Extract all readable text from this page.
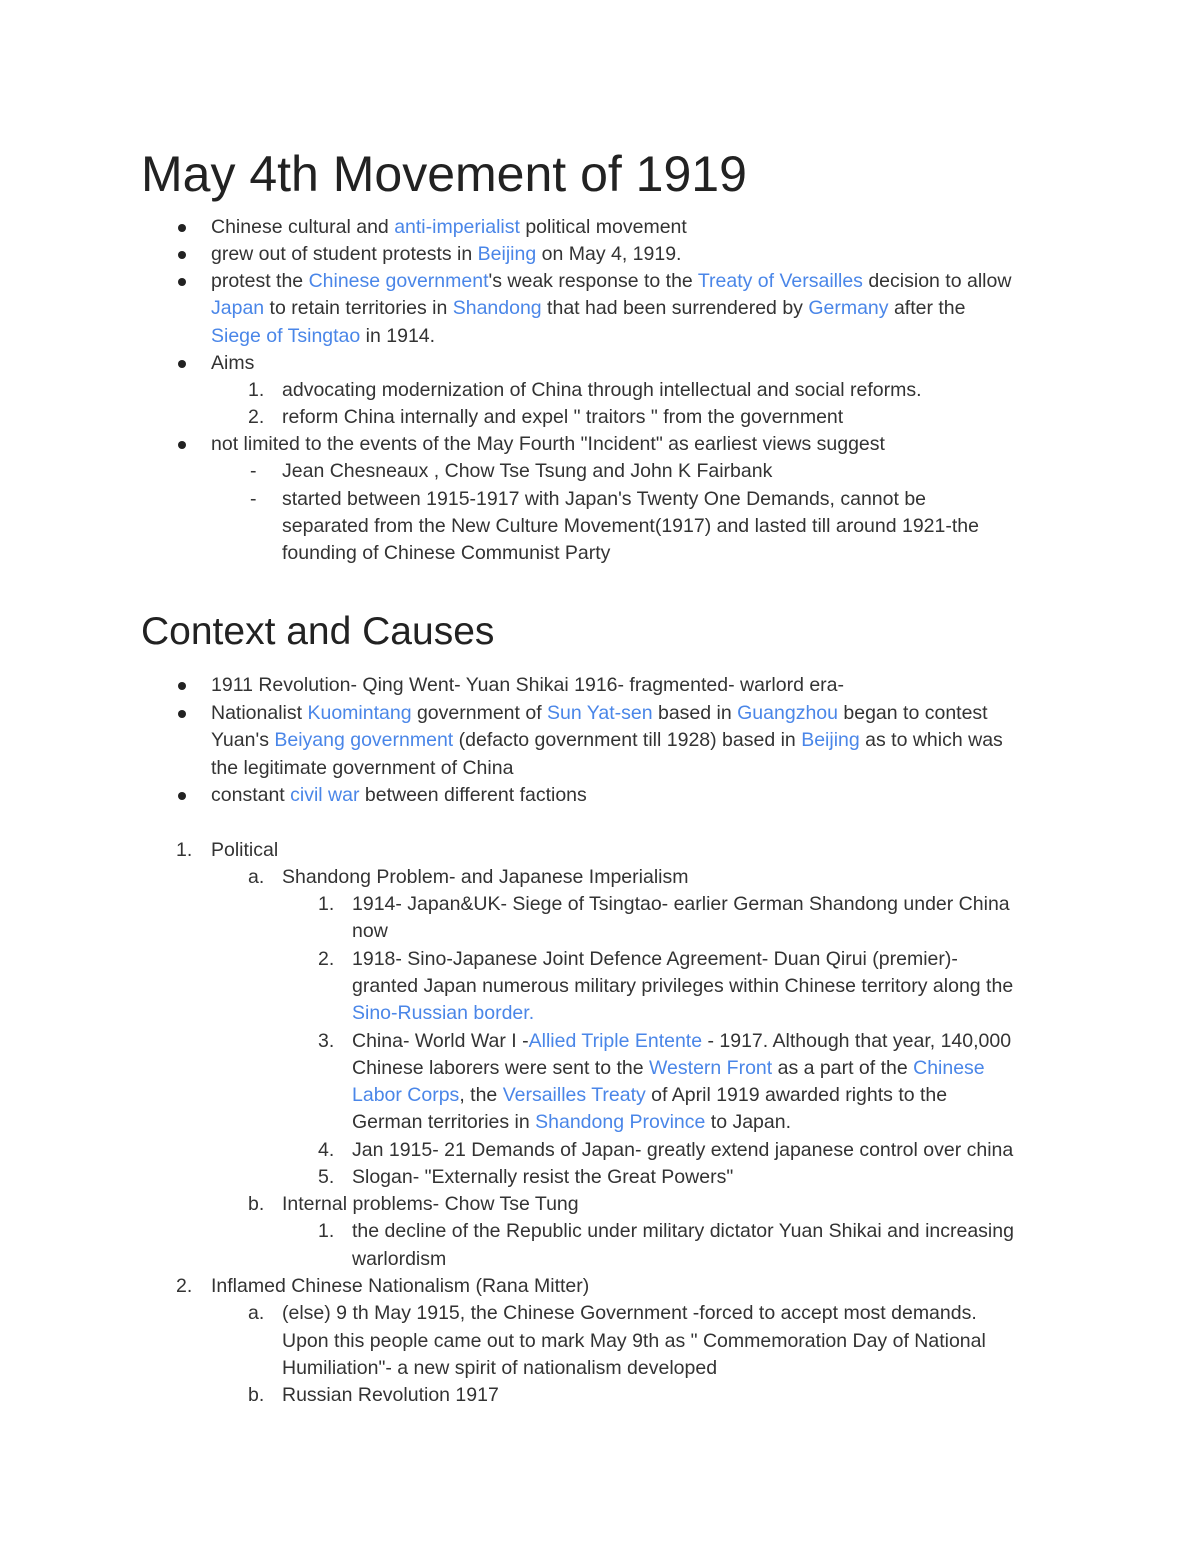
May 4th Movement of 1919
Chinese cultural and anti-imperialist political movement
grew out of student protests in Beijing on May 4, 1919.
protest the Chinese government's weak response to the Treaty of Versailles decision to allow
Japan to retain territories in Shandong that had been surrendered by Germany after the
Siege of Tsingtao in 1914.
Aims
1. advocating modernization of China through intellectual and social reforms.
2. reform China internally and expel " traitors " from the government
not limited to the events of the May Fourth "Incident" as earliest views suggest
- Jean Chesneaux , Chow Tse Tsung and John K Fairbank
- started between 1915-1917 with Japan's Twenty One Demands, cannot be
separated from the New Culture Movement(1917) and lasted till around 1921-the
founding of Chinese Communist Party
Context and Causes
1911 Revolution- Qing Went- Yuan Shikai 1916- fragmented- warlord era-
Nationalist Kuomintang government of Sun Yat-sen based in Guangzhou began to contest
Yuan's Beiyang government (defacto government till 1928) based in Beijing as to which was
the legitimate government of China
constant civil war between different factions
1. Political
a. Shandong Problem- and Japanese Imperialism
1. 1914- Japan&UK- Siege of Tsingtao- earlier German Shandong under China
now
2. 1918- Sino-Japanese Joint Defence Agreement- Duan Qirui (premier)-
granted Japan numerous military privileges within Chinese territory along the
Sino-Russian border.
3. China- World War I -Allied Triple Entente - 1917. Although that year, 140,000
Chinese laborers were sent to the Western Front as a part of the Chinese
Labor Corps, the Versailles Treaty of April 1919 awarded rights to the
German territories in Shandong Province to Japan.
4. Jan 1915- 21 Demands of Japan- greatly extend japanese control over china
5. Slogan- "Externally resist the Great Powers"
b. Internal problems- Chow Tse Tung
1. the decline of the Republic under military dictator Yuan Shikai and increasing
warlordism
2. Inflamed Chinese Nationalism (Rana Mitter)
a. (else) 9 th May 1915, the Chinese Government -forced to accept most demands.
Upon this people came out to mark May 9th as " Commemoration Day of National
Humiliation"- a new spirit of nationalism developed
b. Russian Revolution 1917
